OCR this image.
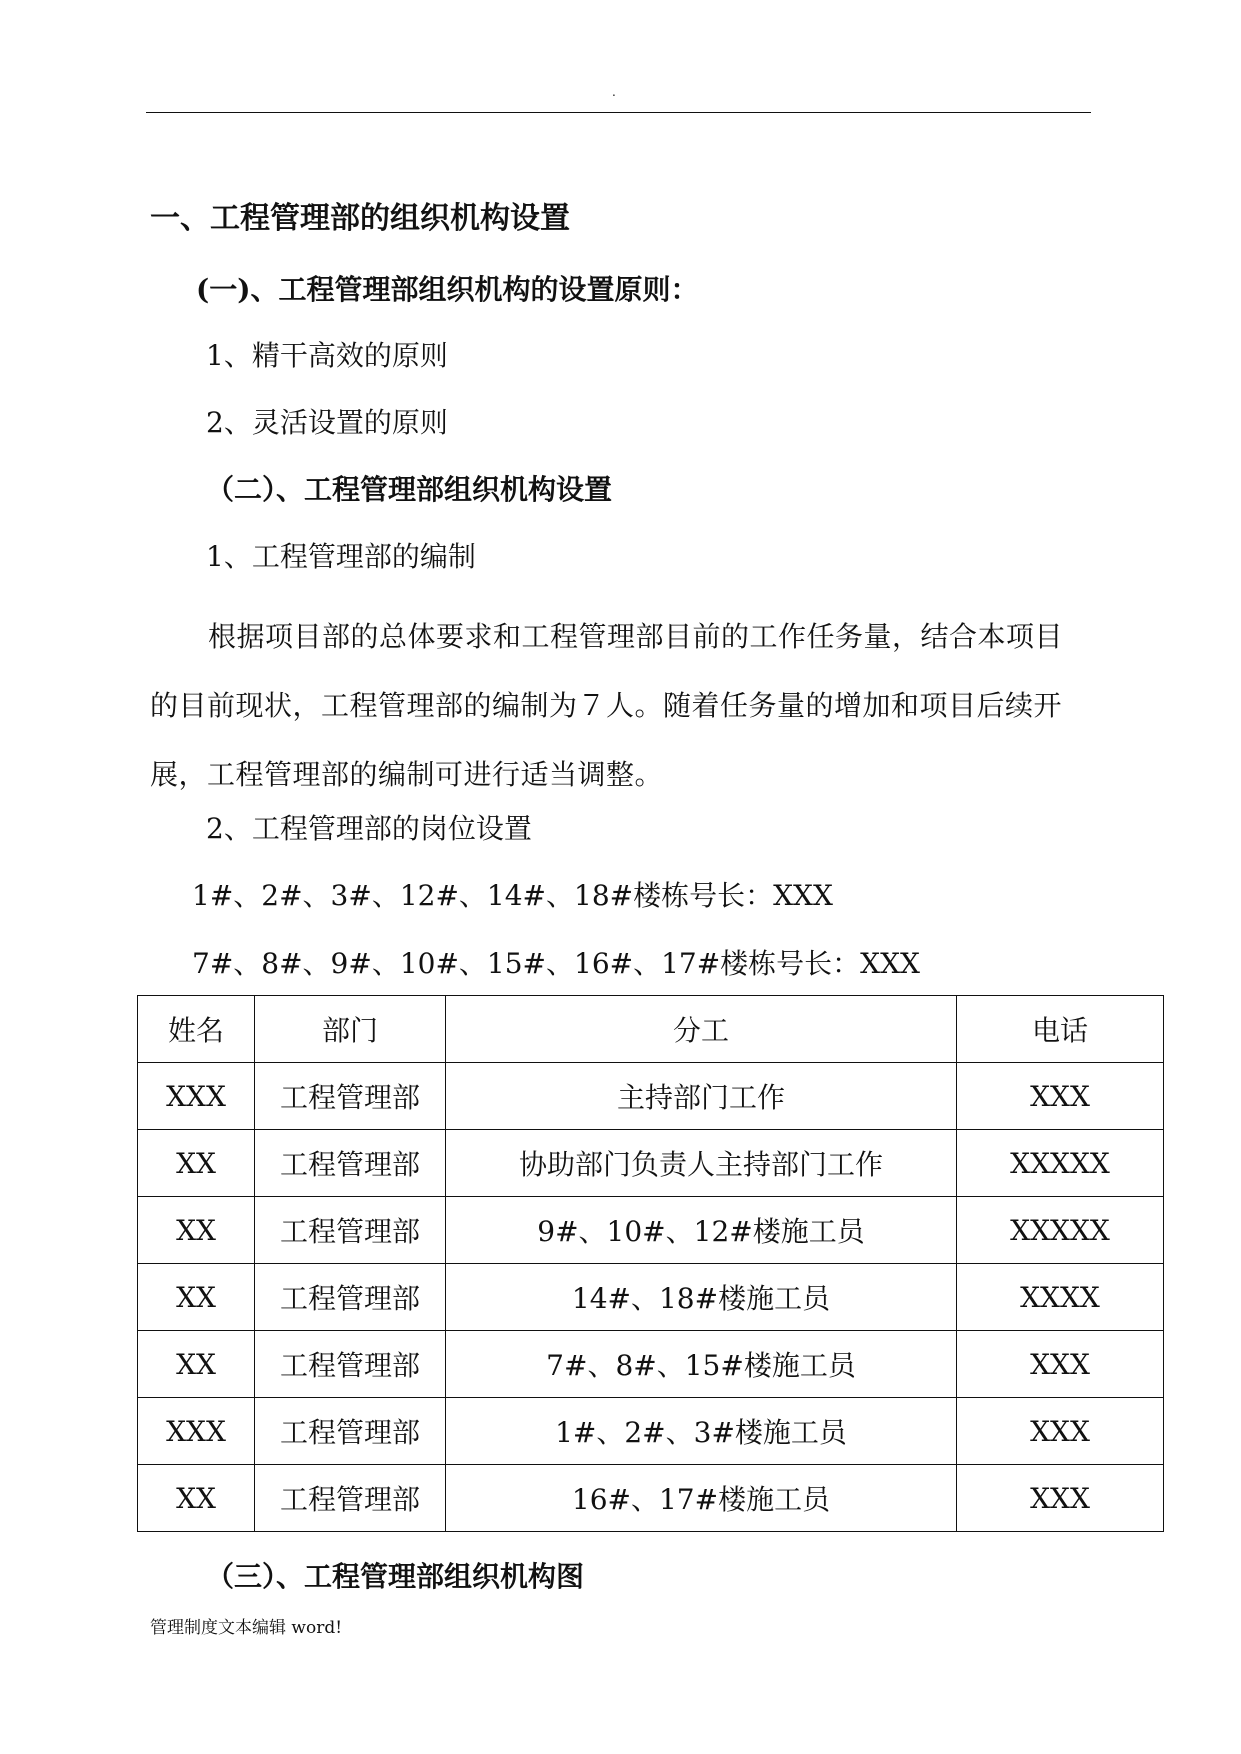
.
一、工程管理部的组织机构设置
(一)、工程管理部组织机构的设置原则：
1、精干高效的原则
2、灵活设置的原则
（二）、工程管理部组织机构设置
1、工程管理部的编制

根据项目部的总体要求和工程管理部目前的工作任务量，结合本项目的目前现状，工程管理部的编制为７人。随着任务量的增加和项目后续开展，工程管理部的编制可进行适当调整。

2、工程管理部的岗位设置
1#、2#、3#、12#、14#、18#楼栋号长：XXX
7#、8#、9#、10#、15#、16#、17#楼栋号长：XXX
姓名	部门	分工	电话
XXX	工程管理部	主持部门工作	XXX
XX	工程管理部	协助部门负责人主持部门工作	XXXXX
XX	工程管理部	9#、10#、12#楼施工员	XXXXX
XX	工程管理部	14#、18#楼施工员	XXXX
XX	工程管理部	7#、8#、15#楼施工员	XXX
XXX	工程管理部	1#、2#、3#楼施工员	XXX
XX	工程管理部	16#、17#楼施工员	XXX
（三）、工程管理部组织机构图
管理制度文本编辑 word!
